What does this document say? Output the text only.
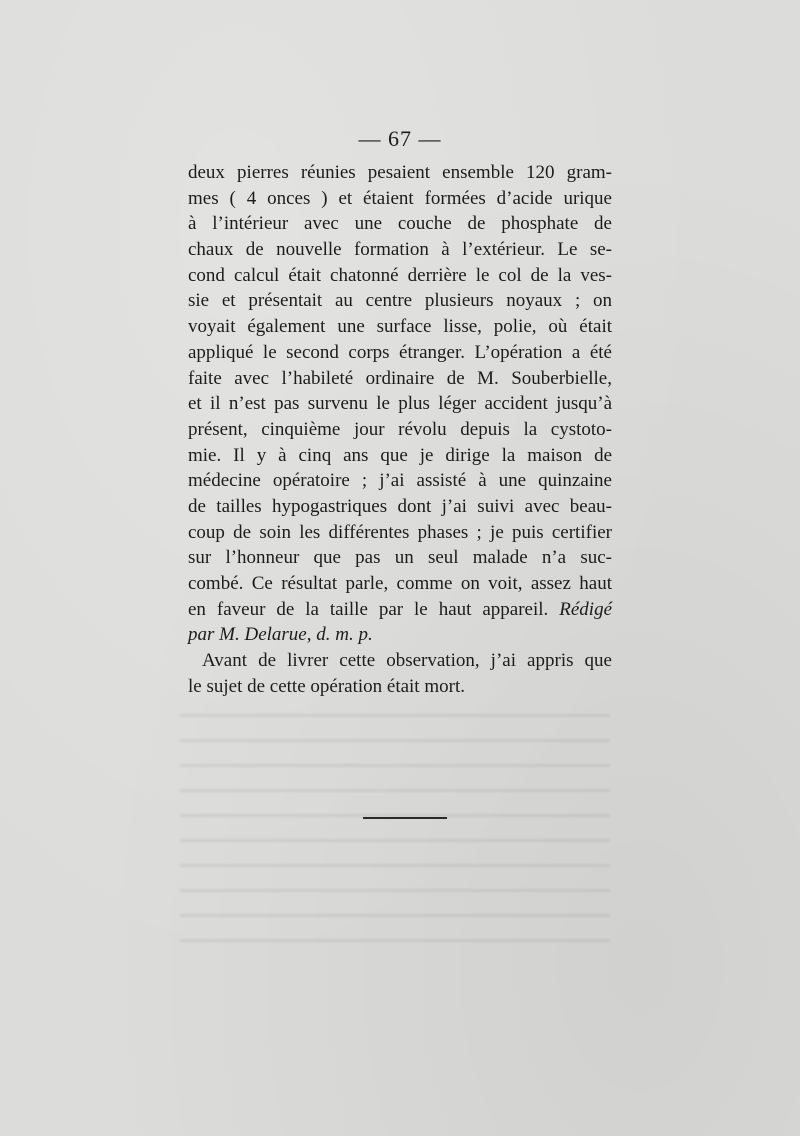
— 67 —
deux pierres réunies pesaient ensemble 120 gram-
mes ( 4 onces ) et étaient formées d’acide urique
à l’intérieur avec une couche de phosphate de
chaux de nouvelle formation à l’extérieur. Le se-
cond calcul était chatonné derrière le col de la ves-
sie et présentait au centre plusieurs noyaux ; on
voyait également une surface lisse, polie, où était
appliqué le second corps étranger. L’opération a été
faite avec l’habileté ordinaire de M. Souberbielle,
et il n’est pas survenu le plus léger accident jusqu’à
présent, cinquième jour révolu depuis la cystoto-
mie. Il y à cinq ans que je dirige la maison de
médecine opératoire ; j’ai assisté à une quinzaine
de tailles hypogastriques dont j’ai suivi avec beau-
coup de soin les différentes phases ; je puis certifier
sur l’honneur que pas un seul malade n’a suc-
combé. Ce résultat parle, comme on voit, assez haut
en faveur de la taille par le haut appareil. Rédigé
par M. Delarue, d. m. p.
Avant de livrer cette observation, j’ai appris que
le sujet de cette opération était mort.
